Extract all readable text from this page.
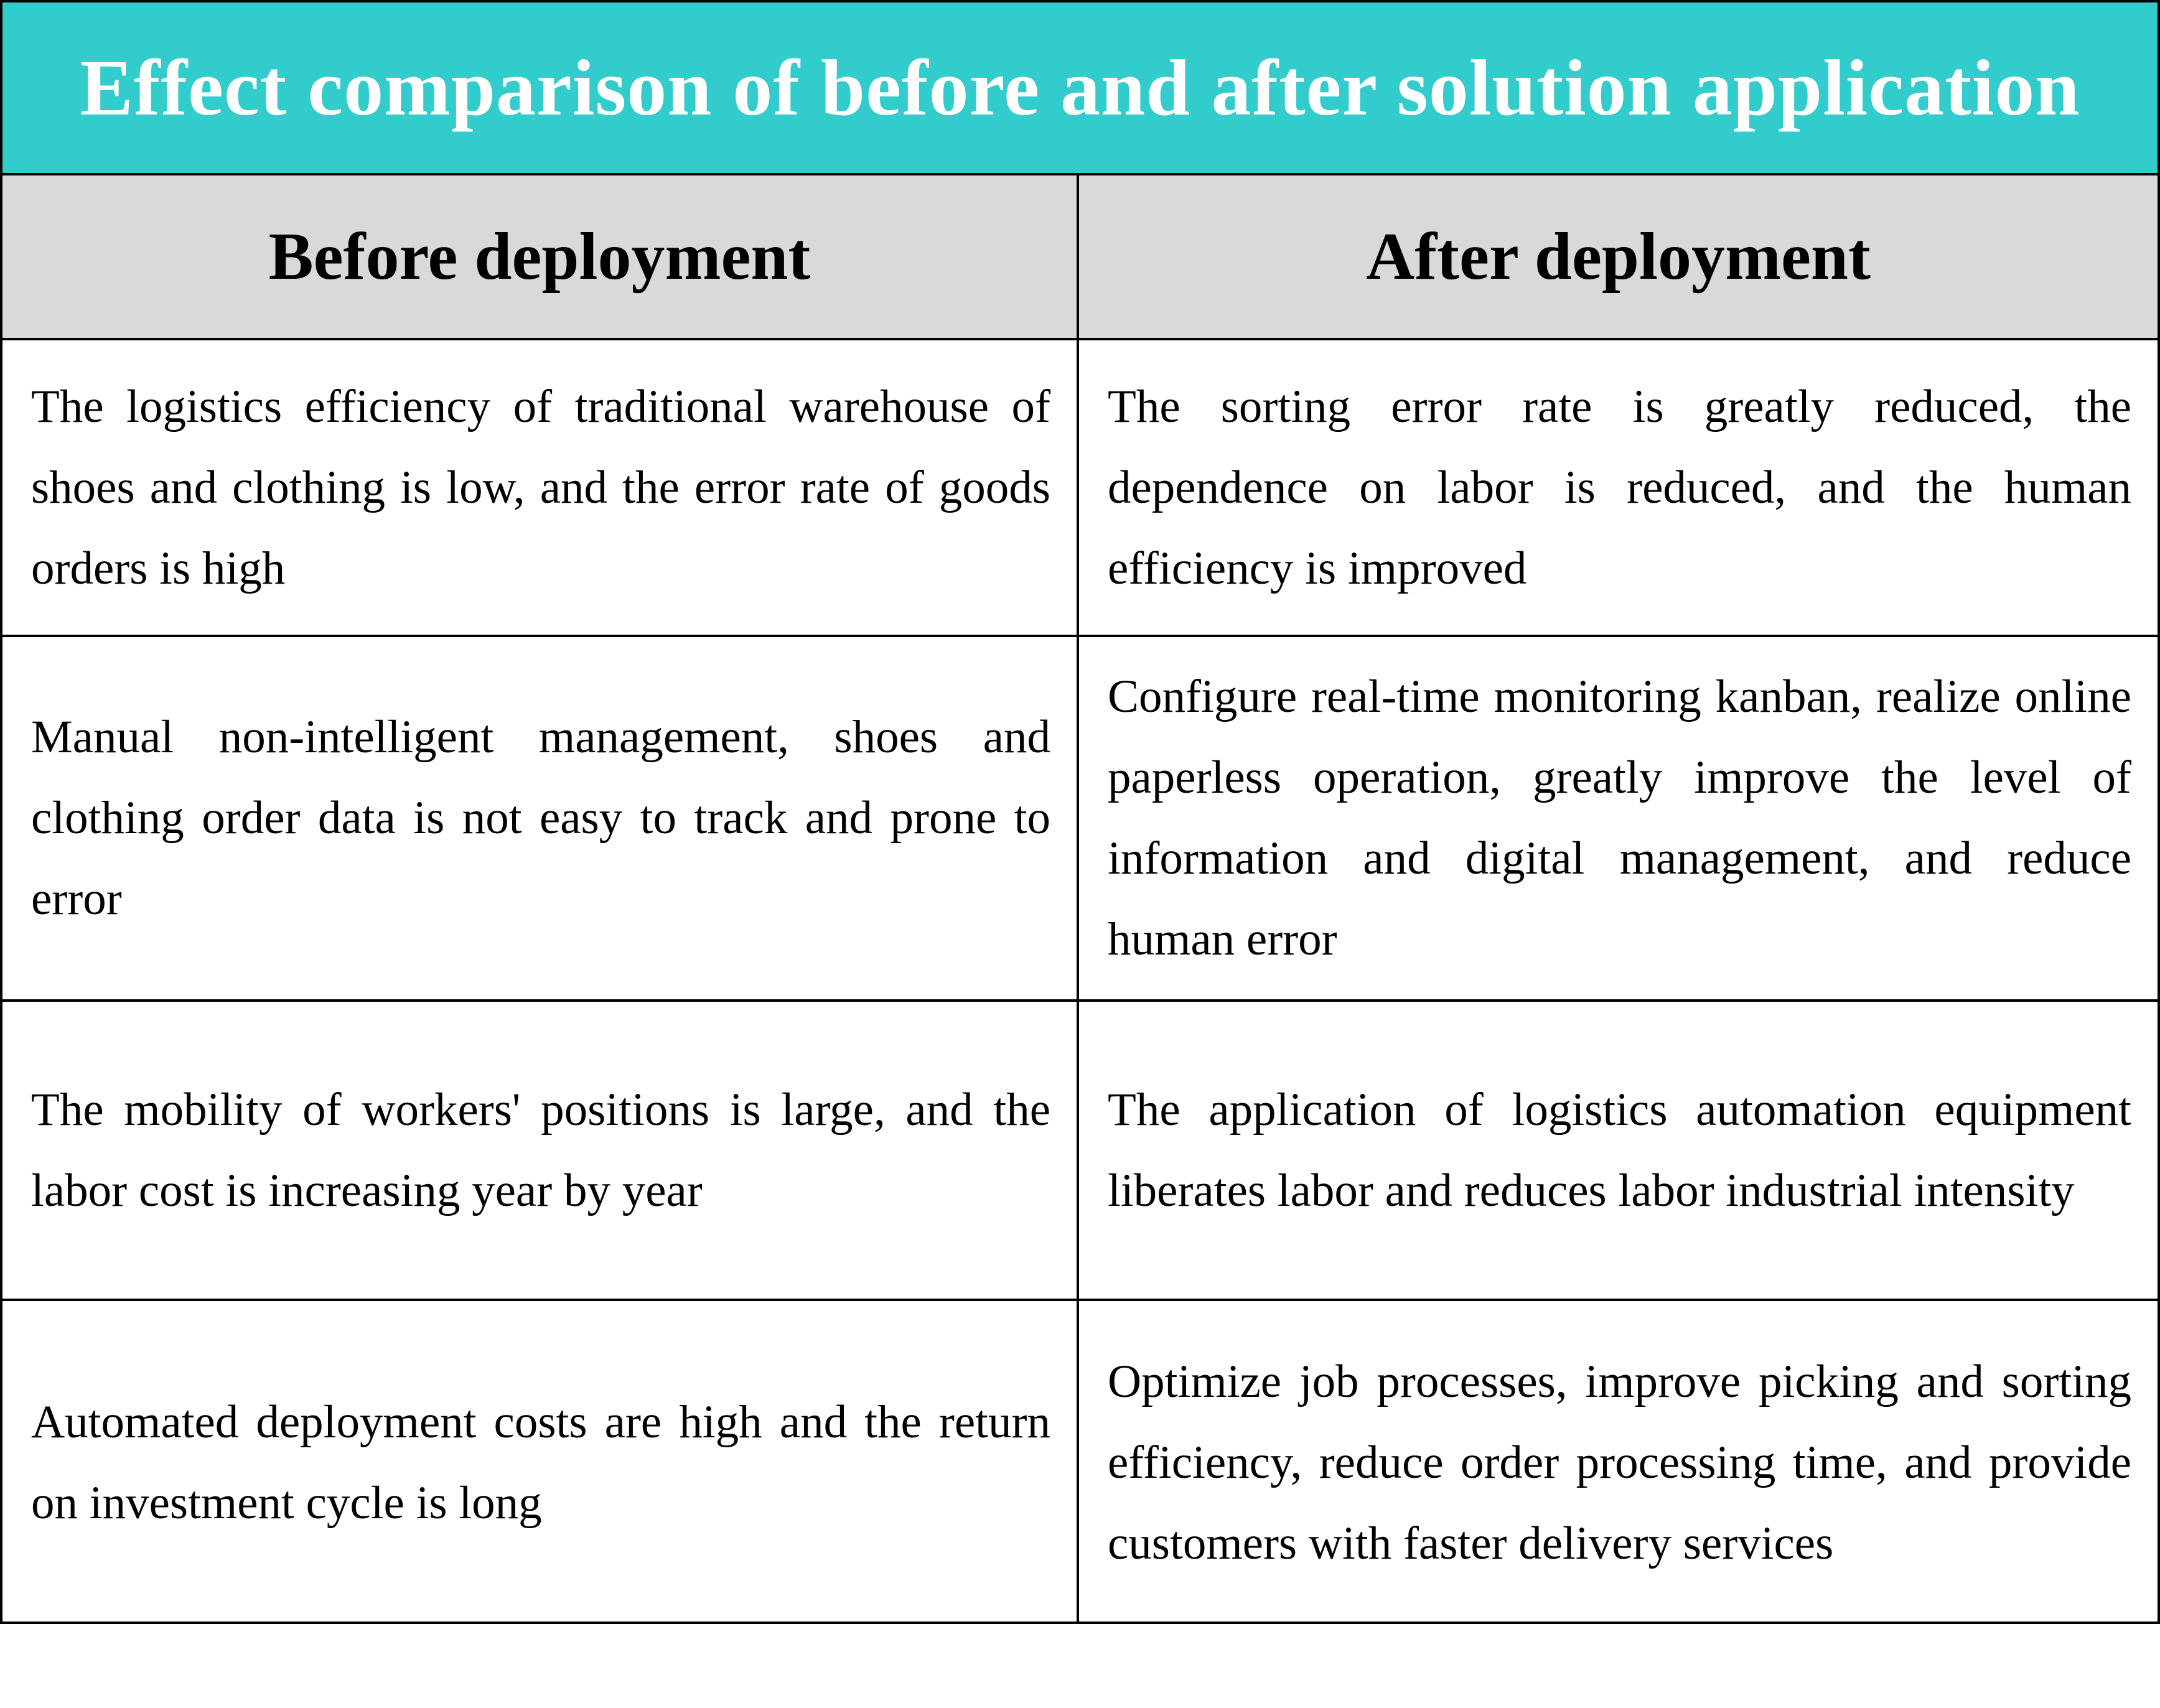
Effect comparison of before and after solution application
Before deployment	After deployment
The logistics efficiency of traditional warehouse of shoes and clothing is low, and the error rate of goods orders is high
The sorting error rate is greatly reduced, the dependence on labor is reduced, and the human efficiency is improved
Manual non-intelligent management, shoes and clothing order data is not easy to track and prone to error
Configure real-time monitoring kanban, realize online paperless operation, greatly improve the level of information and digital management, and reduce human error
The mobility of workers' positions is large, and the labor cost is increasing year by year
The application of logistics automation equipment liberates labor and reduces labor industrial intensity
Automated deployment costs are high and the return on investment cycle is long
Optimize job processes, improve picking and sorting efficiency, reduce order processing time, and provide customers with faster delivery services
